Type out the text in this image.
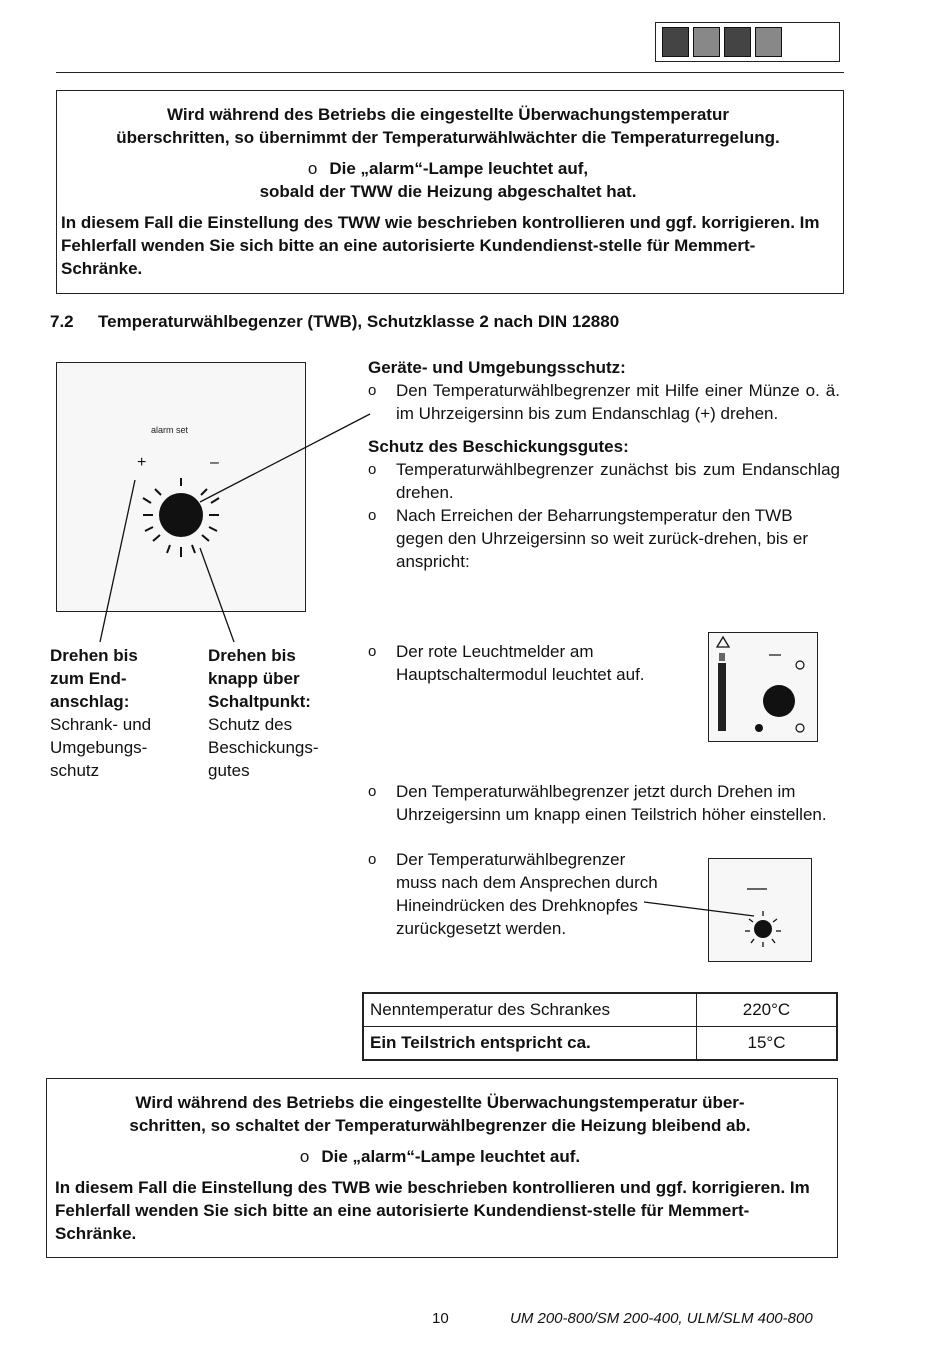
Wird während des Betriebs die eingestellte Überwachungstemperatur

überschritten, so übernimmt der Temperaturwählwächter die Temperaturregelung.

o Die „alarm“-Lampe leuchtet auf,

sobald der TWW die Heizung abgeschaltet hat.

In diesem Fall die Einstellung des TWW wie beschrieben kontrollieren und ggf. korrigieren. Im Fehlerfall wenden Sie sich bitte an eine autorisierte Kundendienst-stelle für Memmert-Schränke.

7.2 Temperaturwählbegenzer (TWB), Schutzklasse 2 nach DIN 12880
alarm set
+	–
Drehen bis
zum End-
anschlag:
Schrank- und
Umgebungs-
schutz
Drehen bis
knapp über
Schaltpunkt:
Schutz des
Beschickungs-
gutes
Geräte- und Umgebungsschutz:
o	Den Temperaturwählbegrenzer mit Hilfe einer Münze o. ä. im Uhrzeigersinn bis zum Endanschlag (+) drehen.
Schutz des Beschickungsgutes:
o	Temperaturwählbegrenzer zunächst bis zum Endanschlag drehen.
o	Nach Erreichen der Beharrungstemperatur den TWB gegen den Uhrzeigersinn so weit zurück-drehen, bis er anspricht:
o	Der rote Leuchtmelder am Hauptschaltermodul leuchtet auf.
o	Den Temperaturwählbegrenzer jetzt durch Drehen im Uhrzeigersinn um knapp einen Teilstrich höher einstellen.
o	Der Temperaturwählbegrenzer muss nach dem Ansprechen durch Hineindrücken des Drehknopfes zurückgesetzt werden.
Nenntemperatur des Schrankes	220°C
Ein Teilstrich entspricht ca.	15°C

Wird während des Betriebs die eingestellte Überwachungstemperatur über-

schritten, so schaltet der Temperaturwählbegrenzer die Heizung bleibend ab.

o Die „alarm“-Lampe leuchtet auf.

In diesem Fall die Einstellung des TWB wie beschrieben kontrollieren und ggf. korrigieren. Im Fehlerfall wenden Sie sich bitte an eine autorisierte Kundendienst-stelle für Memmert-Schränke.

10	UM 200-800/SM 200-400, ULM/SLM 400-800
